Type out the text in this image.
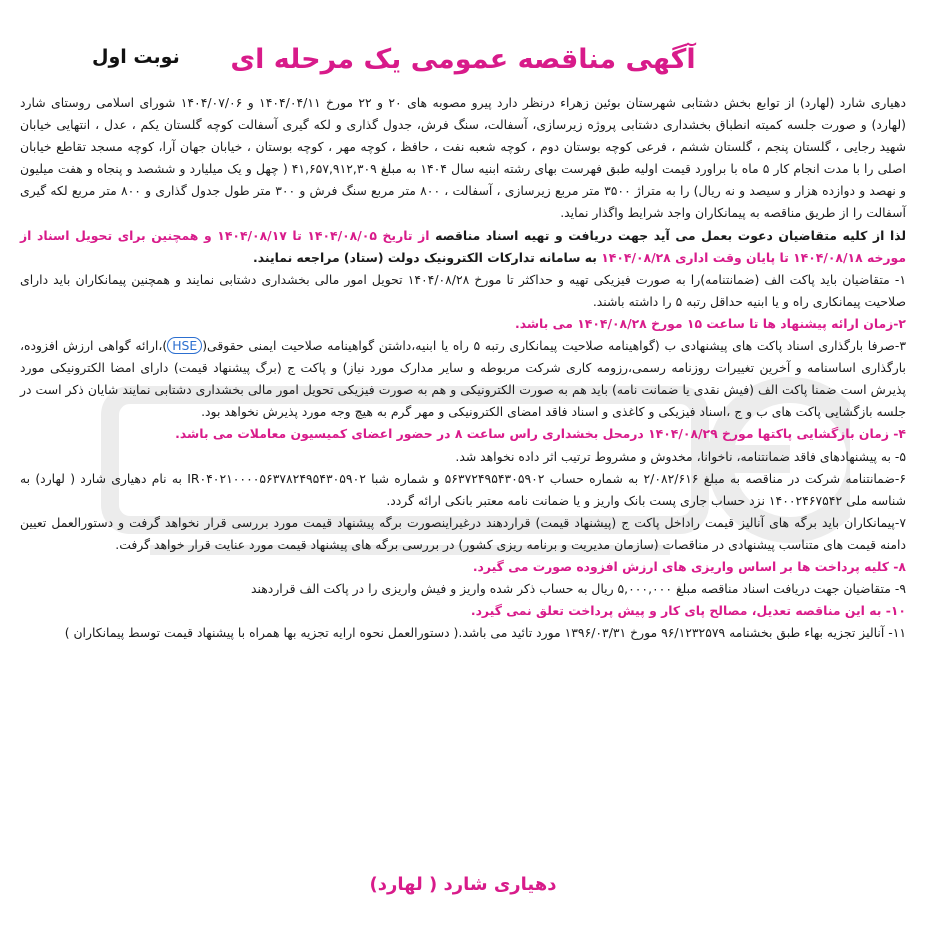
آگهی مناقصه عمومی یک مرحله ای
نوبت اول

دهیاری شارد (لهارد) از توابع بخش دشتابی شهرستان بوئین زهراء درنظر دارد پیرو مصوبه های ۲۰ و ۲۲ مورخ ۱۴۰۴/۰۴/۱۱ و ۱۴۰۴/۰۷/۰۶ شورای اسلامی روستای شارد (لهارد) و صورت جلسه کمیته انطباق بخشداری دشتابی پروژه زیرسازی، آسفالت، سنگ فرش، جدول گذاری و لکه گیری آسفالت کوچه گلستان یکم ، عدل ، انتهایی خیابان شهید رجایی ، گلستان پنجم ، گلستان ششم ، فرعی کوچه بوستان دوم ، کوچه شعبه نفت ، حافظ ، کوچه مهر ، کوچه بوستان ، خیابان جهان آرا، کوچه مسجد تقاطع خیابان اصلی را با مدت انجام کار ۵ ماه با براورد قیمت اولیه طبق فهرست بهای رشته ابنیه سال ۱۴۰۴ به مبلغ ۴۱,۶۵۷,۹۱۲,۳۰۹ ( چهل و یک میلیارد و ششصد و پنجاه و هفت میلیون و نهصد و دوازده هزار و سیصد و نه ریال) را به متراژ ۳۵۰۰ متر مربع زیرسازی ، آسفالت ، ۸۰۰ متر مربع سنگ فرش و ۳۰۰ متر طول جدول گذاری و ۸۰۰ متر مربع لکه گیری آسفالت را از طریق مناقصه به پیمانکاران واجد شرایط واگذار نماید.

لذا از کلیه متقاضیان دعوت بعمل می آید جهت دریافت و تهیه اسناد مناقصه از تاریخ ۱۴۰۴/۰۸/۰۵ تا ۱۴۰۴/۰۸/۱۷ و همچنین برای تحویل اسناد از مورخه ۱۴۰۴/۰۸/۱۸ تا پایان وقت اداری ۱۴۰۴/۰۸/۲۸ به سامانه تدارکات الکترونیک دولت (ستاد) مراجعه نمایند.

۱- متقاضیان باید پاکت الف (ضمانتنامه)را به صورت فیزیکی تهیه و حداکثر تا مورخ ۱۴۰۴/۰۸/۲۸ تحویل امور مالی بخشداری دشتابی نمایند و همچنین پیمانکاران باید دارای صلاحیت پیمانکاری راه و یا ابنیه حداقل رتبه ۵ را داشته باشند.

۲-زمان ارائه پیشنهاد ها تا ساعت ۱۵ مورخ ۱۴۰۴/۰۸/۲۸ می باشد.

۳-صرفا بارگذاری اسناد پاکت های پیشنهادی ب (گواهینامه صلاحیت پیمانکاری رتبه ۵ راه یا ابنیه،داشتن گواهینامه صلاحیت ایمنی حقوقی(HSE)،ارائه گواهی ارزش افزوده، بارگذاری اساسنامه و آخرین تغییرات روزنامه رسمی،رزومه کاری شرکت مربوطه و سایر مدارک مورد نیاز) و پاکت ج (برگ پیشنهاد قیمت) دارای امضا الکترونیکی مورد پذیرش است ضمنا پاکت الف (فیش نقدی یا ضمانت نامه) باید هم به صورت الکترونیکی و هم به صورت فیزیکی تحویل امور مالی بخشداری دشتابی نمایند شایان ذکر است در جلسه بازگشایی پاکت های ب و ج ،اسناد فیزیکی و کاغذی و اسناد فاقد امضای الکترونیکی و مهر گرم به هیچ وجه مورد پذیرش نخواهد بود.

۴- زمان بازگشایی پاکتها مورخ ۱۴۰۴/۰۸/۲۹ درمحل بخشداری راس ساعت ۸ در حضور اعضای کمیسیون معاملات می باشد.

۵- به پیشنهادهای فاقد ضمانتنامه، ناخوانا، مخدوش و مشروط ترتیب اثر داده نخواهد شد.

۶-ضمانتنامه شرکت در مناقصه به مبلغ ۲/۰۸۲/۶۱۶ به شماره حساب ۵۶۳۷۲۴۹۵۴۳۰۵۹۰۲ و شماره شبا IR۰۴۰۲۱۰۰۰۰۵۶۳۷۸۲۴۹۵۴۳۰۵۹۰۲ به نام دهیاری شارد ( لهارد) به شناسه ملی ۱۴۰۰۲۴۶۷۵۴۲ نزد حساب جاری پست بانک واریز و یا ضمانت نامه معتبر بانکی ارائه گردد.

۷-پیمانکاران باید برگه های آنالیز قیمت راداخل پاکت ج (پیشنهاد قیمت) قراردهند درغیراینصورت برگه پیشنهاد قیمت مورد بررسی قرار نخواهد گرفت و دستورالعمل تعیین دامنه قیمت های متناسب پیشنهادی در مناقصات (سازمان مدیریت و برنامه ریزی کشور) در بررسی برگه های پیشنهاد قیمت مورد عنایت قرار خواهد گرفت.

۸- کلیه پرداخت ها بر اساس واریزی های ارزش افزوده صورت می گیرد.

۹- متقاضیان جهت دریافت اسناد مناقصه مبلغ ۵,۰۰۰,۰۰۰ ریال به حساب ذکر شده واریز و فیش واریزی را در پاکت الف قراردهند

۱۰- به این مناقصه تعدیل، مصالح پای کار و پیش پرداخت تعلق نمی گیرد.

۱۱- آنالیز تجزیه بهاء طبق بخشنامه ۹۶/۱۲۳۲۵۷۹ مورخ ۱۳۹۶/۰۳/۳۱ مورد تائید می باشد.( دستورالعمل نحوه ارایه تجزیه بها همراه با پیشنهاد قیمت توسط پیمانکاران )

دهیاری شارد ( لهارد)
